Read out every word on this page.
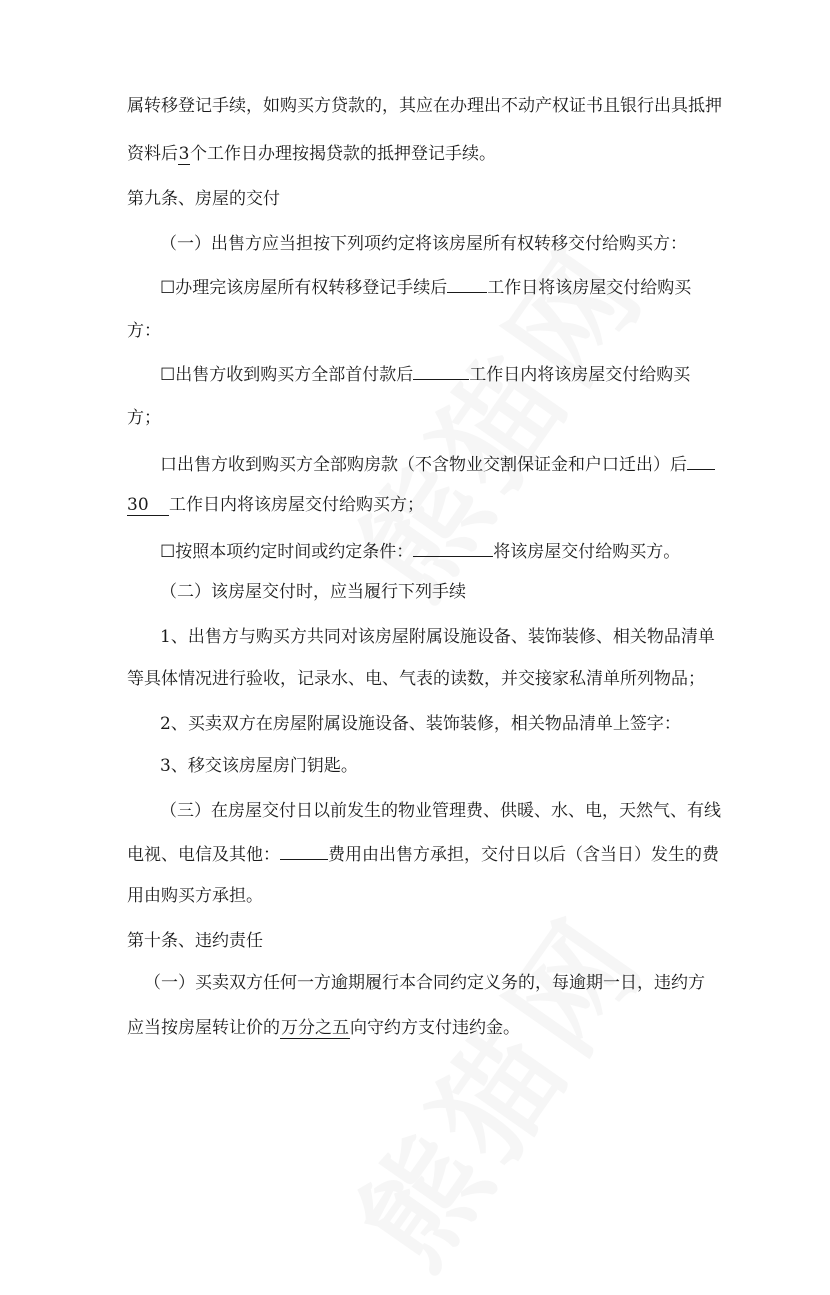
属转移登记手续，如购买方贷款的，其应在办理出不动产权证书且银行出具抵押
资料后3个工作日办理按揭贷款的抵押登记手续。
第九条、房屋的交付
（一）出售方应当担按下列项约定将该房屋所有权转移交付给购买方：
☐办理完该房屋所有权转移登记手续后 工作日将该房屋交付给购买
方：
☐出售方收到购买方全部首付款后	工作日内将该房屋交付给购买
方；
口出售方收到购买方全部购房款（不含物业交割保证金和户口迁出）后
30 工作日内将该房屋交付给购买方；
☐按照本项约定时间或约定条件：	将该房屋交付给购买方。
（二）该房屋交付时，应当履行下列手续
1、出售方与购买方共同对该房屋附属设施设备、装饰装修、相关物品清单
等具体情况进行验收，记录水、电、气表的读数，并交接家私清单所列物品；
2、买卖双方在房屋附属设施设备、装饰装修，相关物品清单上签字：
3、移交该房屋房门钥匙。
（三）在房屋交付日以前发生的物业管理费、供暖、水、电，天然气、有线
电视、电信及其他：	费用由出售方承担，交付日以后（含当日）发生的费
用由购买方承担。
第十条、违约责任
（一）买卖双方任何一方逾期履行本合同约定义务的，每逾期一日，违约方
应当按房屋转让价的万分之五向守约方支付违约金。
